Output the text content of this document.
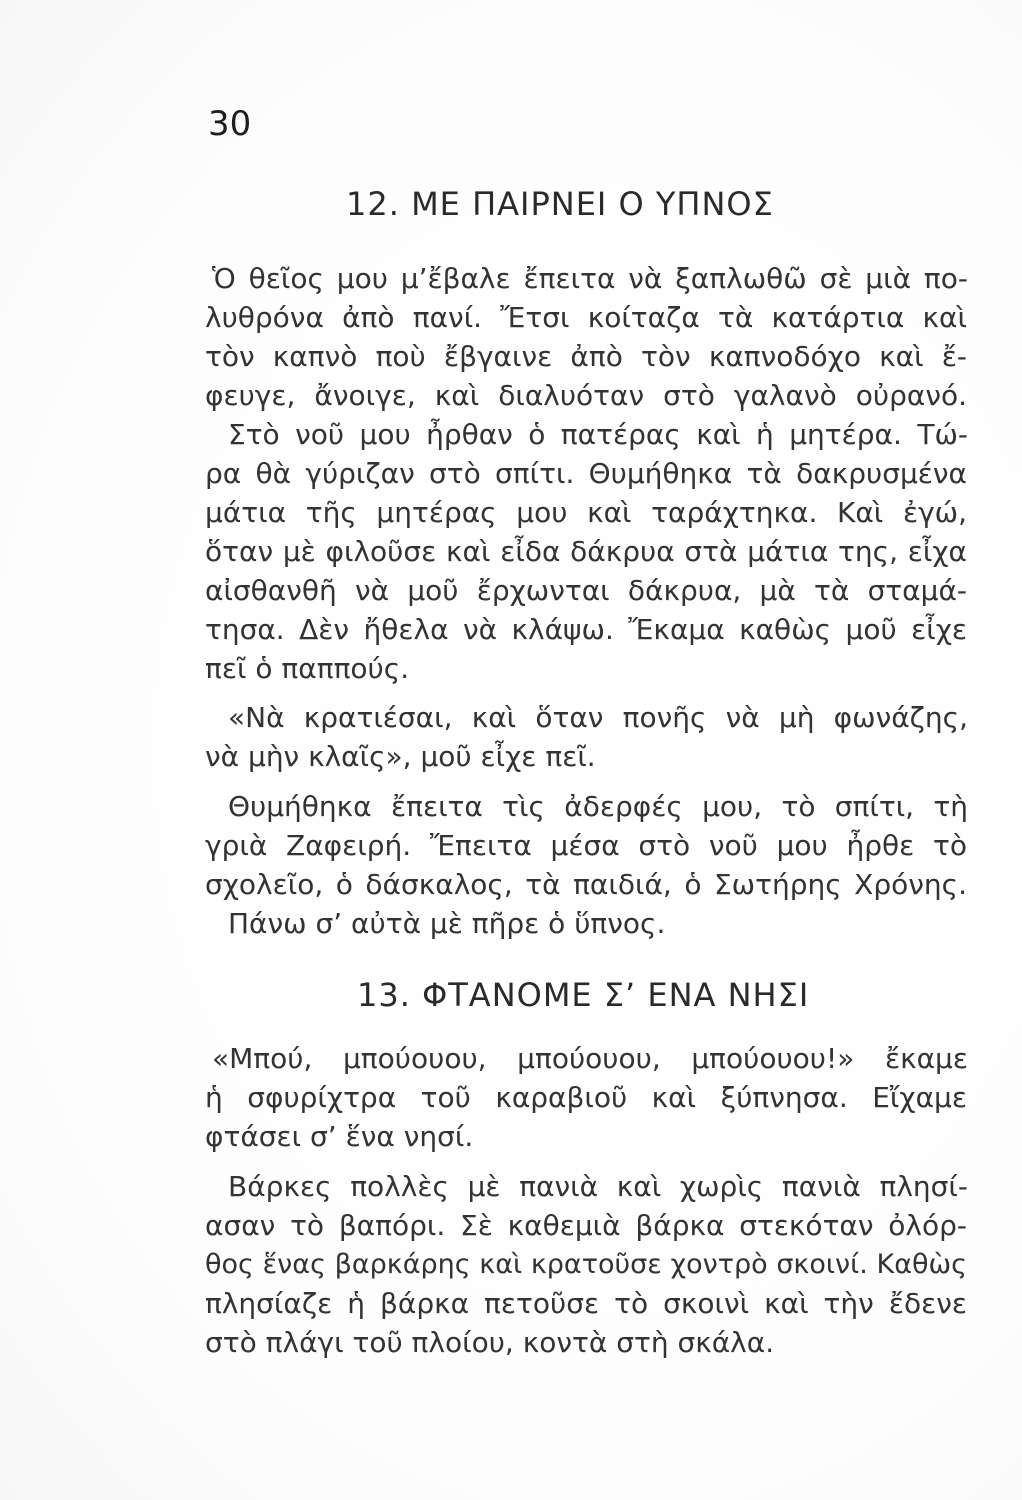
30
12. ΜΕ ΠΑΙΡΝΕΙ Ο ΥΠΝΟΣ
Ὁ θεῖος μου μ’ἔβαλε ἔπειτα νὰ ξαπλωθῶ σὲ μιὰ πο-
λυθρόνα ἀπὸ πανί. Ἔτσι κοίταζα τὰ κατάρτια καὶ
τὸν καπνὸ ποὺ ἔβγαινε ἀπὸ τὸν καπνοδόχο καὶ ἔ-
φευγε, ἄνοιγε, καὶ διαλυόταν στὸ γαλανὸ οὐρανό.
Στὸ νοῦ μου ἦρθαν ὁ πατέρας καὶ ἡ μητέρα. Τώ-
ρα θὰ γύριζαν στὸ σπίτι. Θυμήθηκα τὰ δακρυσμένα
μάτια τῆς μητέρας μου καὶ ταράχτηκα. Καὶ ἐγώ,
ὅταν μὲ φιλοῦσε καὶ εἶδα δάκρυα στὰ μάτια της, εἶχα
αἰσθανθῆ νὰ μοῦ ἔρχωνται δάκρυα, μὰ τὰ σταμά-
τησα. Δὲν ἤθελα νὰ κλάψω. Ἔκαμα καθὼς μοῦ εἶχε
πεῖ ὁ παππούς.
«Νὰ κρατιέσαι, καὶ ὅταν πονῆς νὰ μὴ φωνάζης,
νὰ μὴν κλαῖς», μοῦ εἶχε πεῖ.
Θυμήθηκα ἔπειτα τὶς ἀδερφές μου, τὸ σπίτι, τὴ
γριὰ Ζαφειρή. Ἔπειτα μέσα στὸ νοῦ μου ἦρθε τὸ
σχολεῖο, ὁ δάσκαλος, τὰ παιδιά, ὁ Σωτήρης Χρόνης.
Πάνω σ’ αὐτὰ μὲ πῆρε ὁ ὕπνος.
13. ΦΤΑΝΟΜΕ Σ’ ΕΝΑ ΝΗΣΙ
«Μπού, μπούουου, μπούουου, μπούουου!» ἔκαμε
ἡ σφυρίχτρα τοῦ καραβιοῦ καὶ ξύπνησα. Εἴχαμε
φτάσει σ’ ἕνα νησί.
Βάρκες πολλὲς μὲ πανιὰ καὶ χωρὶς πανιὰ πλησί-
ασαν τὸ βαπόρι. Σὲ καθεμιὰ βάρκα στεκόταν ὀλόρ-
θος ἕνας βαρκάρης καὶ κρατοῦσε χοντρὸ σκοινί. Καθὼς
πλησίαζε ἡ βάρκα πετοῦσε τὸ σκοινὶ καὶ τὴν ἔδενε
στὸ πλάγι τοῦ πλοίου, κοντὰ στὴ σκάλα.
